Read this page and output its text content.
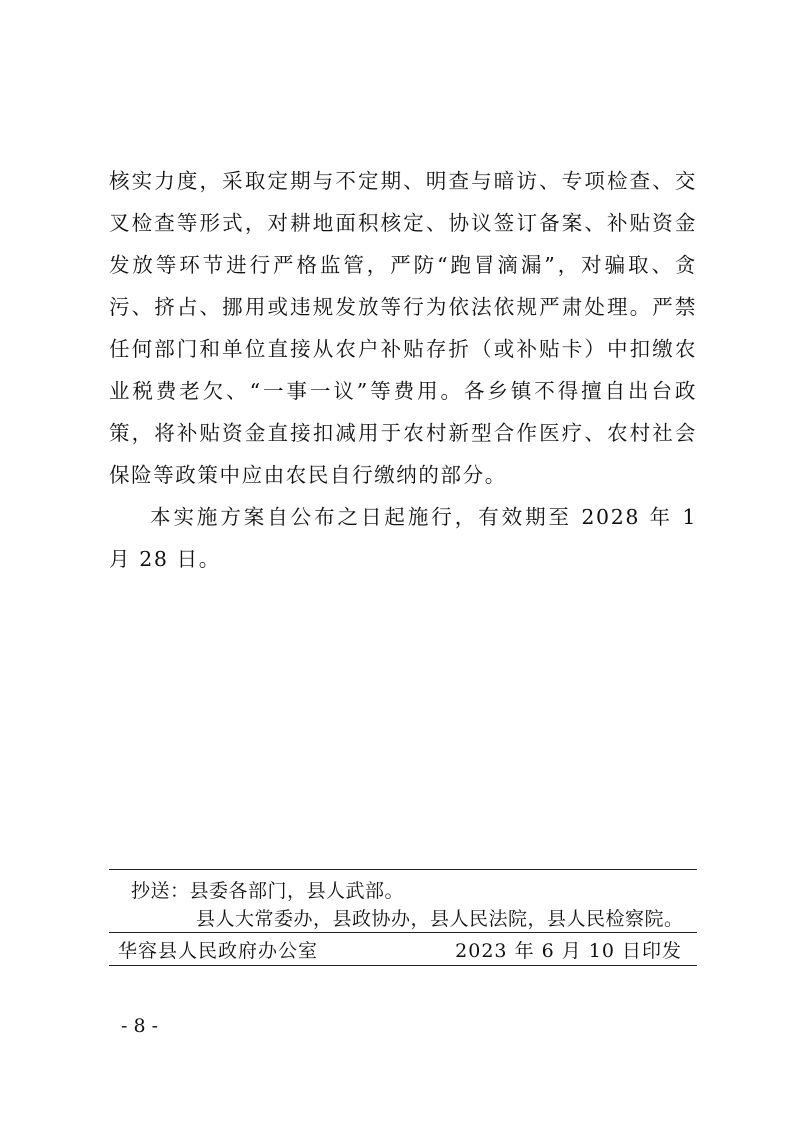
核实力度，采取定期与不定期、明查与暗访、专项检查、交叉检查等形式，对耕地面积核定、协议签订备案、补贴资金发放等环节进行严格监管，严防“跑冒滴漏”，对骗取、贪污、挤占、挪用或违规发放等行为依法依规严肃处理。严禁任何部门和单位直接从农户补贴存折（或补贴卡）中扣缴农业税费老欠、“一事一议”等费用。各乡镇不得擅自出台政策，将补贴资金直接扣减用于农村新型合作医疗、农村社会保险等政策中应由农民自行缴纳的部分。

本实施方案自公布之日起施行，有效期至 2028 年 1 月 28 日。

抄送：县委各部门，县人武部。
县人大常委办，县政协办，县人民法院，县人民检察院。
华容县人民政府办公室	2023 年 6 月 10 日印发
- 8 -
